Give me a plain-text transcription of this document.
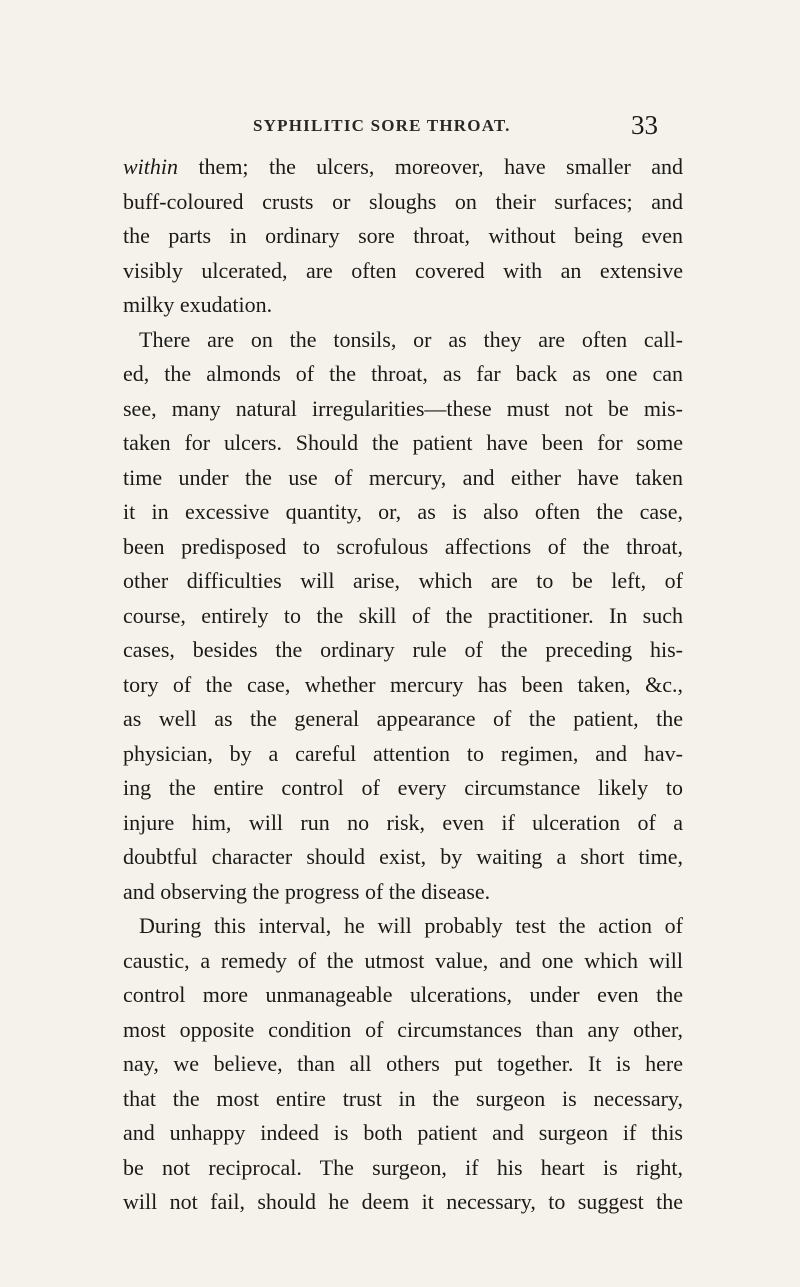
SYPHILITIC SORE THROAT.	33
within them; the ulcers, moreover, have smaller and
buff-coloured crusts or sloughs on their surfaces; and
the parts in ordinary sore throat, without being even
visibly ulcerated, are often covered with an extensive
milky exudation.
There are on the tonsils, or as they are often call-
ed, the almonds of the throat, as far back as one can
see, many natural irregularities—these must not be mis-
taken for ulcers. Should the patient have been for some
time under the use of mercury, and either have taken
it in excessive quantity, or, as is also often the case,
been predisposed to scrofulous affections of the throat,
other difficulties will arise, which are to be left, of
course, entirely to the skill of the practitioner. In such
cases, besides the ordinary rule of the preceding his-
tory of the case, whether mercury has been taken, &c.,
as well as the general appearance of the patient, the
physician, by a careful attention to regimen, and hav-
ing the entire control of every circumstance likely to
injure him, will run no risk, even if ulceration of a
doubtful character should exist, by waiting a short time,
and observing the progress of the disease.
During this interval, he will probably test the action of
caustic, a remedy of the utmost value, and one which will
control more unmanageable ulcerations, under even the
most opposite condition of circumstances than any other,
nay, we believe, than all others put together. It is here
that the most entire trust in the surgeon is necessary,
and unhappy indeed is both patient and surgeon if this
be not reciprocal. The surgeon, if his heart is right,
will not fail, should he deem it necessary, to suggest the
